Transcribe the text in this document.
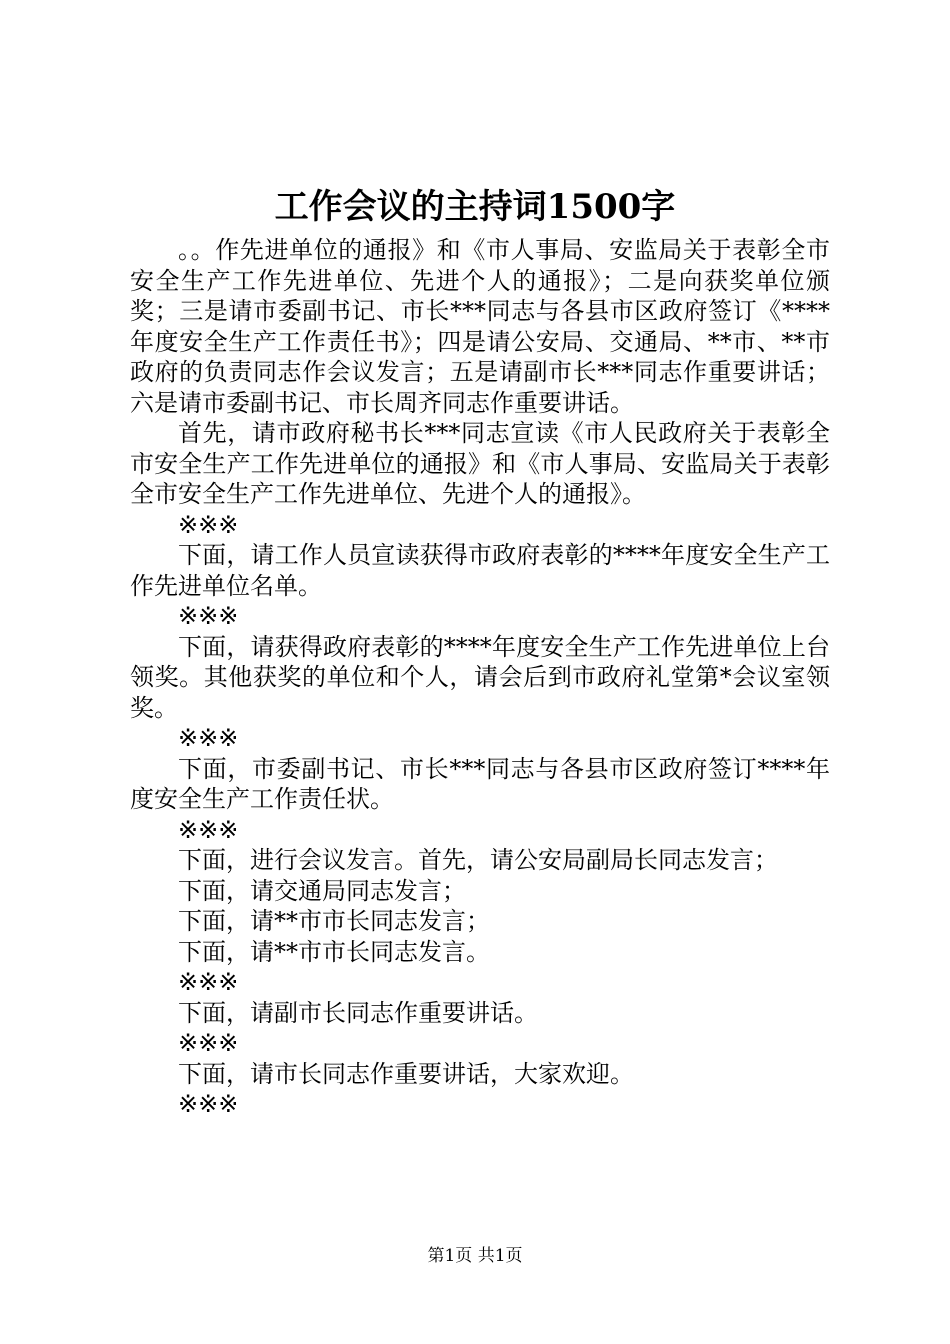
工作会议的主持词1500字

。。作先进单位的通报》和《市人事局、安监局关于表彰全市安全生产工作先进单位、先进个人的通报》；二是向获奖单位颁奖；三是请市委副书记、市长***同志与各县市区政府签订《****年度安全生产工作责任书》；四是请公安局、交通局、**市、**市政府的负责同志作会议发言；五是请副市长***同志作重要讲话；六是请市委副书记、市长周齐同志作重要讲话。

首先，请市政府秘书长***同志宣读《市人民政府关于表彰全市安全生产工作先进单位的通报》和《市人事局、安监局关于表彰全市安全生产工作先进单位、先进个人的通报》。

※※※

下面，请工作人员宣读获得市政府表彰的****年度安全生产工作先进单位名单。

※※※

下面，请获得政府表彰的****年度安全生产工作先进单位上台领奖。其他获奖的单位和个人，请会后到市政府礼堂第*会议室领奖。

※※※

下面，市委副书记、市长***同志与各县市区政府签订****年度安全生产工作责任状。

※※※

下面，进行会议发言。首先，请公安局副局长同志发言；

下面，请交通局同志发言；

下面，请**市市长同志发言；

下面，请**市市长同志发言。

※※※

下面，请副市长同志作重要讲话。

※※※

下面，请市长同志作重要讲话，大家欢迎。

※※※

第1页 共1页
